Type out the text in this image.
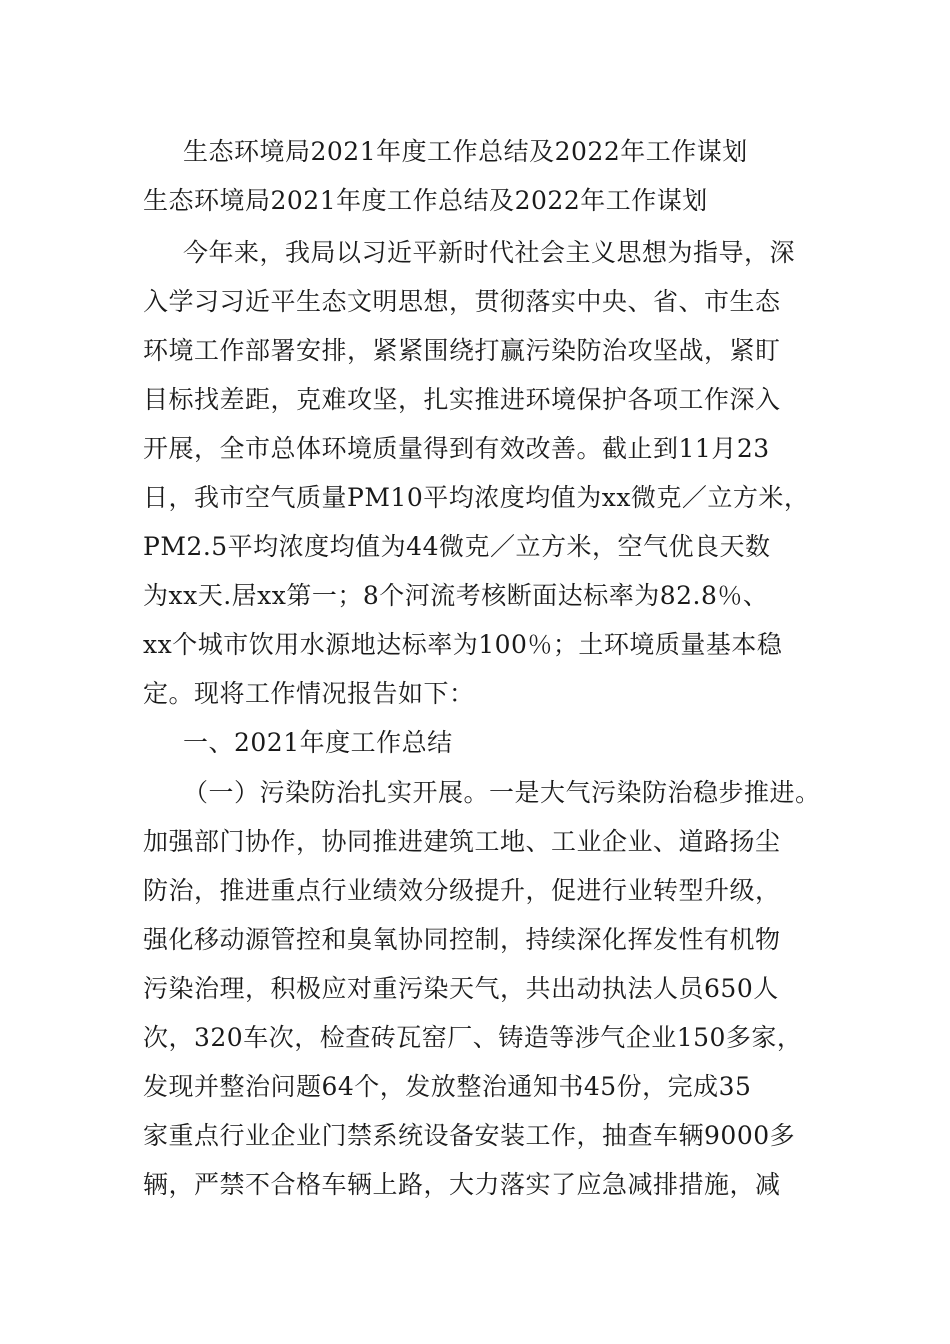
生态环境局2021年度工作总结及2022年工作谋划
生态环境局2021年度工作总结及2022年工作谋划
今年来，我局以习近平新时代社会主义思想为指导，深
入学习习近平生态文明思想，贯彻落实中央、省、市生态
环境工作部署安排，紧紧围绕打赢污染防治攻坚战，紧盯
目标找差距，克难攻坚，扎实推进环境保护各项工作深入
开展，全市总体环境质量得到有效改善。截止到11月23
日，我市空气质量PM10平均浓度均值为xx微克／立方米，
PM2.5平均浓度均值为44微克／立方米，空气优良天数
为xx天.居xx第一；8个河流考核断面达标率为82.8％、
xx个城市饮用水源地达标率为100％；土环境质量基本稳
定。现将工作情况报告如下：
一、2021年度工作总结
（一）污染防治扎实开展。一是大气污染防治稳步推进。
加强部门协作，协同推进建筑工地、工业企业、道路扬尘
防治，推进重点行业绩效分级提升，促进行业转型升级，
强化移动源管控和臭氧协同控制，持续深化挥发性有机物
污染治理，积极应对重污染天气，共出动执法人员650人
次，320车次，检查砖瓦窑厂、铸造等涉气企业150多家，
发现并整治问题64个，发放整治通知书45份，完成35
家重点行业企业门禁系统设备安装工作，抽查车辆9000多
辆，严禁不合格车辆上路，大力落实了应急减排措施，减
